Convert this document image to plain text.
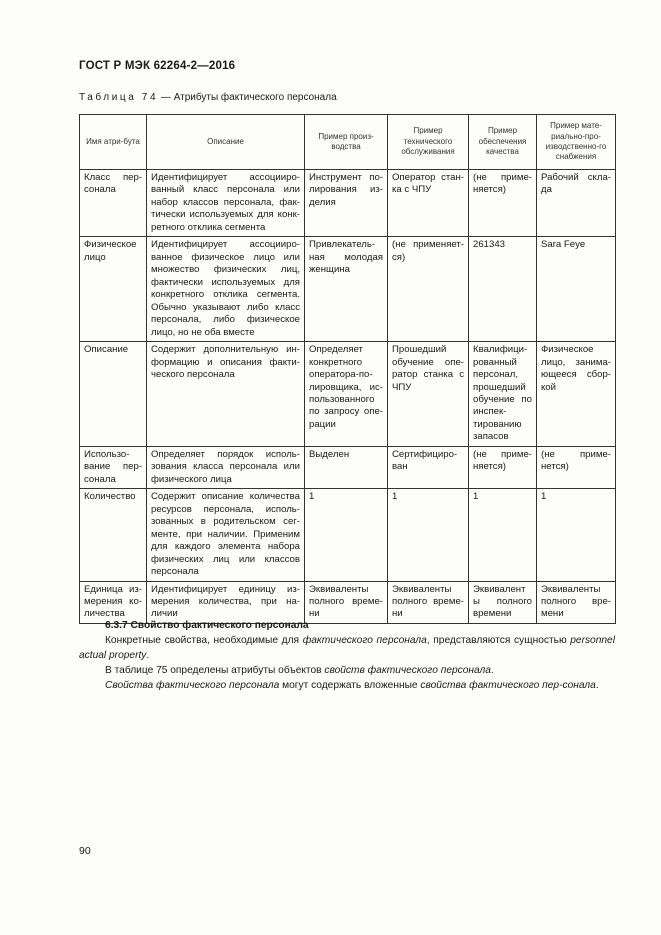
ГОСТ Р МЭК 62264-2—2016
Таблица 74 — Атрибуты фактического персонала
Имя атри-бута	Описание	Пример произ-водства	Пример технического обслуживания	Пример обеспечения качества	Пример мате-риально-про-изводственно-го снабжения
Класс пер-сонала	Идентифицирует ассоцииро-ванный класс персонала или набор классов персонала, фак-тически используемых для конк-ретного отклика сегмента	Инструмент по-лирования из-делия	Оператор стан-ка с ЧПУ	(не приме-няется)	Рабочий скла-да
Физическое лицо	Идентифицирует ассоцииро-ванное физическое лицо или множество физических лиц, фактически используемых для конкретного отклика сегмента. Обычно указывают либо класс персонала, либо физическое лицо, но не оба вместе	Привлекатель-ная молодая женщина	(не применяет-ся)	261343	Sara Feye
Описание	Содержит дополнительную ин-формацию и описания факти-ческого персонала	Определяет конкретного оператора-по-лировщика, ис-пользованного по запросу опе-рации	Прошедший обучение опе-ратор станка с ЧПУ	Квалифици-рованный персонал, прошедший обучение по инспек-тированию запасов	Физическое лицо, занима-ющееся сбор-кой
Использо-вание пер-сонала	Определяет порядок исполь-зования класса персонала или физического лица	Выделен	Сертифициро-ван	(не приме-няется)	(не приме-нется)
Количество	Содержит описание количества ресурсов персонала, исполь-зованных в родительском сег-менте, при наличии. Применим для каждого элемента набора физических лиц или классов персонала	1	1	1	1
Единица из-мерения ко-личества	Идентифицирует единицу из-мерения количества, при на-личии	Эквиваленты полного време-ни	Эквиваленты полного време-ни	Эквиваленты полного времени	Эквиваленты полного вре-мени
6.3.7 Свойство фактического персонала

Конкретные свойства, необходимые для фактического персонала, представляются сущностью personnel actual property.

В таблице 75 определены атрибуты объектов свойств фактического персонала.

Свойства фактического персонала могут содержать вложенные свойства фактического пер-сонала.

90
